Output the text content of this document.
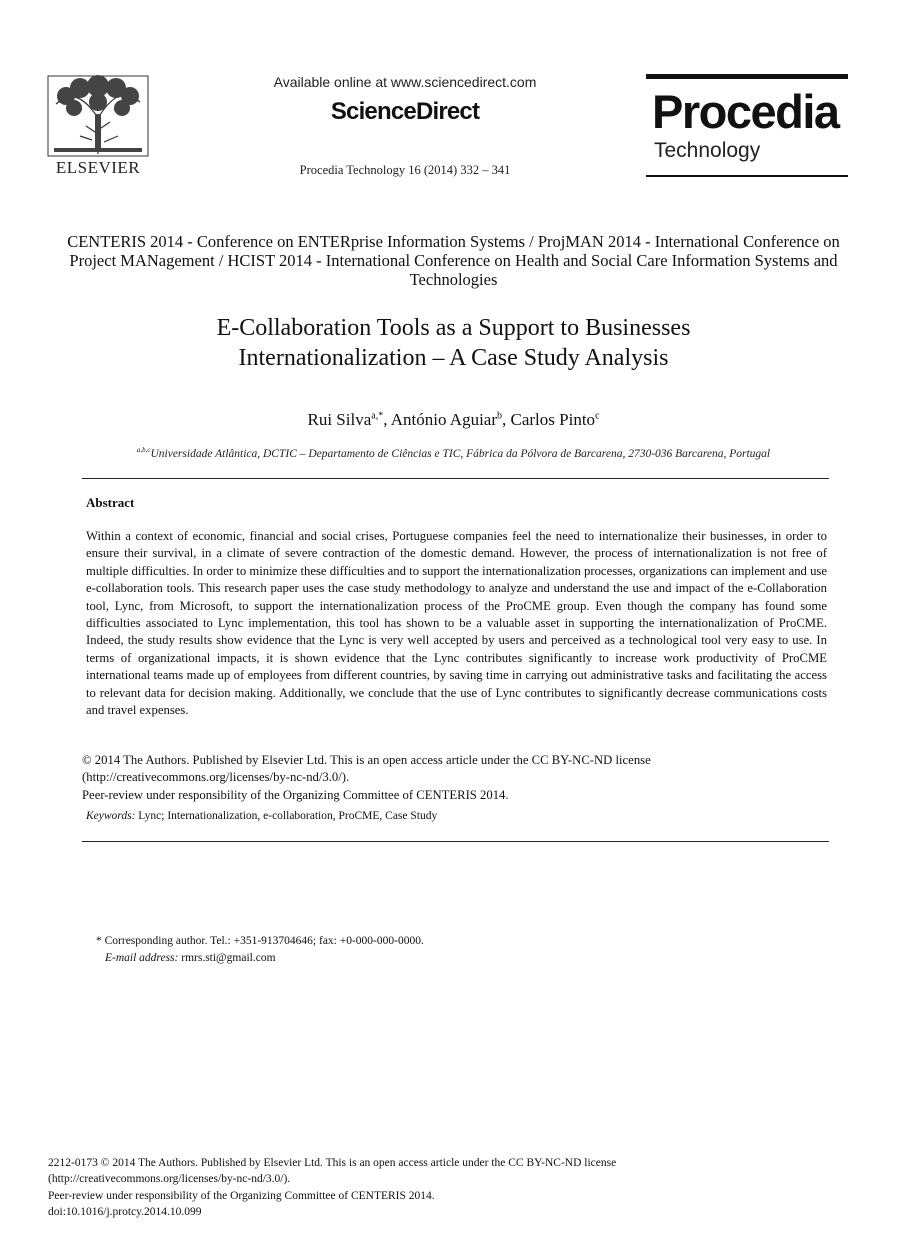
ELSEVIER
Available online at www.sciencedirect.com
ScienceDirect
Procedia Technology 16 (2014) 332 – 341
Procedia
Technology
CENTERIS 2014 - Conference on ENTERprise Information Systems / ProjMAN 2014 - International Conference on Project MANagement / HCIST 2014 - International Conference on Health and Social Care Information Systems and Technologies
E-Collaboration Tools as a Support to Businesses
Internationalization – A Case Study Analysis
Rui Silva$^{a,*}$, António Aguiar$^b$, Carlos Pinto$^c$
$^{a,b,c}$Universidade Atlântica, DCTIC – Departamento de Ciências e TIC, Fábrica da Pólvora de Barcarena, 2730-036 Barcarena, Portugal
Abstract
Within a context of economic, financial and social crises, Portuguese companies feel the need to internationalize their businesses, in order to ensure their survival, in a climate of severe contraction of the domestic demand. However, the process of internationalization is not free of multiple difficulties. In order to minimize these difficulties and to support the internationalization processes, organizations can implement and use e-collaboration tools. This research paper uses the case study methodology to analyze and understand the use and impact of the e-Collaboration tool, Lync, from Microsoft, to support the internationalization process of the ProCME group. Even though the company has found some difficulties associated to Lync implementation, this tool has shown to be a valuable asset in supporting the internationalization of ProCME. Indeed, the study results show evidence that the Lync is very well accepted by users and perceived as a technological tool very easy to use. In terms of organizational impacts, it is shown evidence that the Lync contributes significantly to increase work productivity of ProCME international teams made up of employees from different countries, by saving time in carrying out administrative tasks and facilitating the access to relevant data for decision making. Additionally, we conclude that the use of Lync contributes to significantly decrease communications costs and travel expenses.
© 2014 The Authors. Published by Elsevier Ltd. This is an open access article under the CC BY-NC-ND license
(http://creativecommons.org/licenses/by-nc-nd/3.0/).
Peer-review under responsibility of the Organizing Committee of CENTERIS 2014.
Keywords: Lync; Internationalization, e-collaboration, ProCME, Case Study
* Corresponding author. Tel.: +351-913704646; fax: +0-000-000-0000.
E-mail address: rmrs.sti@gmail.com
2212-0173 © 2014 The Authors. Published by Elsevier Ltd. This is an open access article under the CC BY-NC-ND license
(http://creativecommons.org/licenses/by-nc-nd/3.0/).
Peer-review under responsibility of the Organizing Committee of CENTERIS 2014.
doi:10.1016/j.protcy.2014.10.099
